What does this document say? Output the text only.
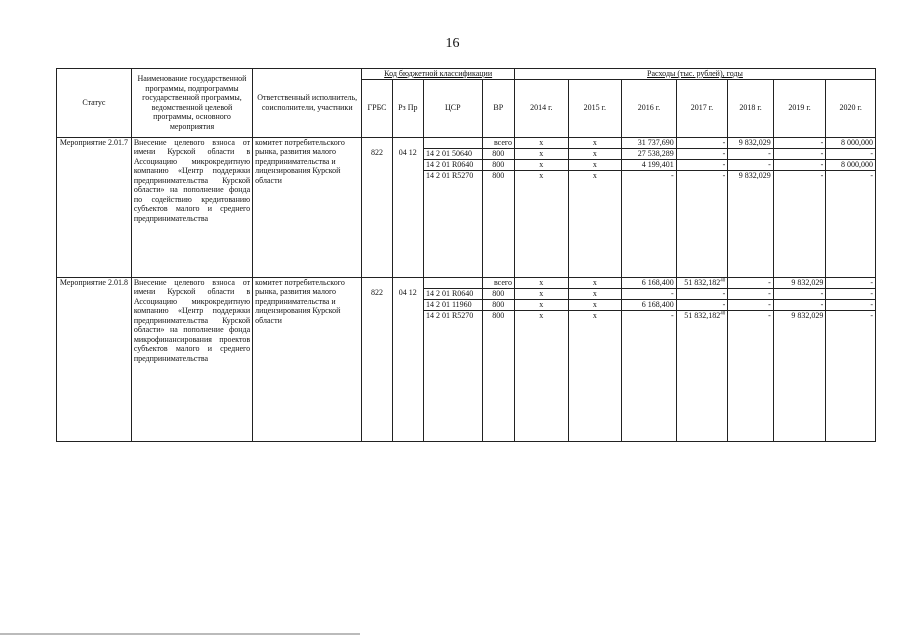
16
Статус	Наименование государственной программы, подпрограммы государственной программы, ведомственной целевой программы, основного мероприятия	Ответственный исполнитель, соисполнители, участники	Код бюджетной классификации				Расходы (тыс. рублей), годы						
			ГРБС	Рз Пр	ЦСР	ВР	2014 г.	2015 г.	2016 г.	2017 г.	2018 г.	2019 г.	2020 г.
Мероприятие 2.01.7	Внесение целевого взноса от имени Курской области в Ассоциацию микрокредитную компанию «Центр поддержки предпринимательства Курской области» на пополнение фонда по содействию кредитованию субъектов малого и среднего предпринимательства	комитет потребительского рынка, развития малого предпринимательства и лицензирования Курской области	822	04 12		всего	x	x	31 737,690	-	9 832,029	-	8 000,000
					14 2 01 50640	800	x	x	27 538,289	-	-	-	-
					14 2 01 R0640	800	x	x	4 199,401	-	-	-	8 000,000
					14 2 01 R5270	800	x	x	-	-	9 832,029	-	-

Мероприятие 2.01.8	Внесение целевого взноса от имени Курской области в Ассоциацию микрокредитную компанию «Центр поддержки предпринимательства Курской области» на пополнение фонда микрофинансирования проектов субъектов малого и среднего предпринимательства	комитет потребительского рынка, развития малого предпринимательства и лицензирования Курской области	822	04 12		всего	x	x	6 168,400	51 832,182$^{40}$	-	9 832,029	-
					14 2 01 R0640	800	x	x	-	-	-	-	-
					14 2 01 11960	800	x	x	6 168,400	-	-	-	-
					14 2 01 R5270	800	x	x	-	51 832,182$^{40}$	-	9 832,029	-
